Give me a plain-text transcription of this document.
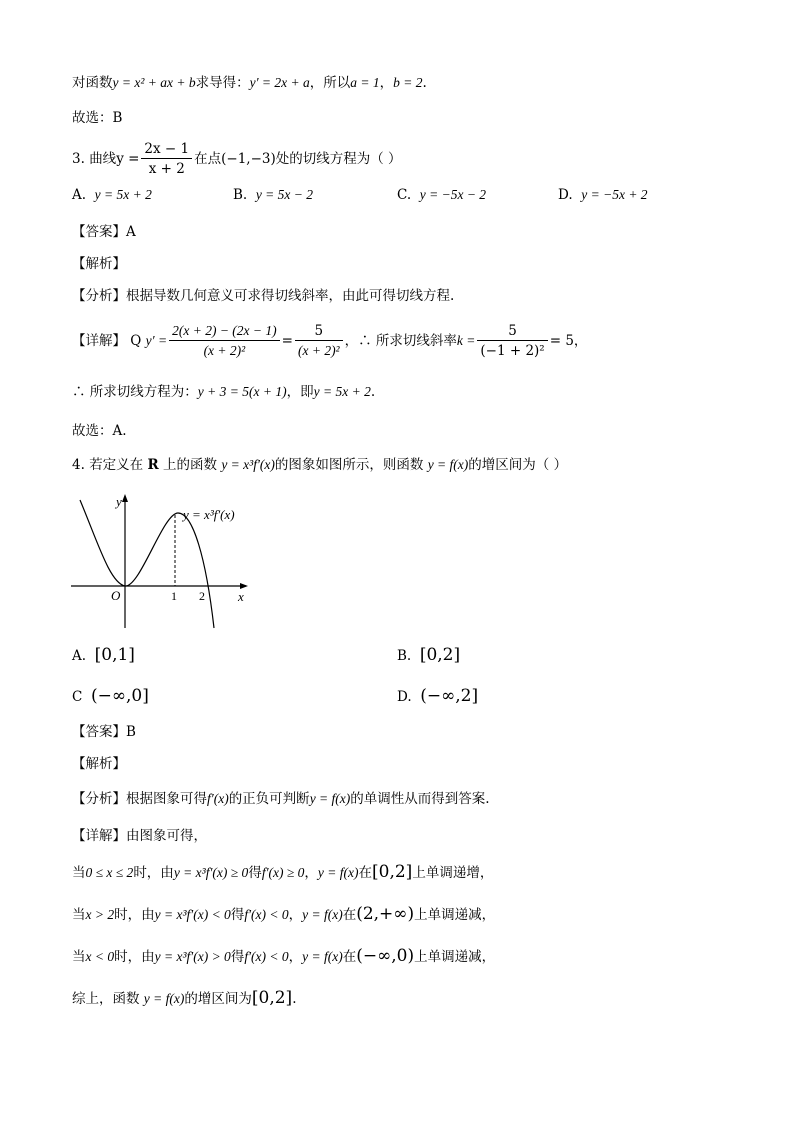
对函数y = x² + ax + b求导得：y′ = 2x + a，所以a = 1，b = 2.
故选：B
3. 曲线$y = \frac{2x - 1}{x + 2}$ 在点(−1,−3)处的切线方程为（ ）
A. y = 5x + 2	B. y = 5x − 2	C. y = −5x − 2	D. y = −5x + 2
【答案】A
【解析】
【分析】根据导数几何意义可求得切线斜率，由此可得切线方程.
【详解】 Q $y' = \frac{2(x + 2) - (2x - 1)}{\text{(x + 2)²}} = \frac{5}{\text{(x + 2)²}}$ ，∴ 所求切线斜率$k = \frac{5}{\text{(−1 + 2)²}} = 5$，
∴ 所求切线方程为：y + 3 = 5(x + 1)，即y = 5x + 2.
故选：A.
4. 若定义在 R 上的函数 y = x³f′(x)的图象如图所示，则函数 y = f(x)的增区间为（ ）
y
x
O	1 2
y = x³f′(x)
A. [0,1]	B. [0,2]
C (−∞,0]	D. (−∞,2]
【答案】B
【解析】
【分析】根据图象可得f′(x)的正负可判断y = f(x)的单调性从而得到答案.
【详解】由图象可得，
当0 ≤ x ≤ 2时，由y = x³f′(x) ≥ 0得f′(x) ≥ 0，y = f(x)在[0,2]上单调递增，
当x > 2时，由y = x³f′(x) < 0得f′(x) < 0，y = f(x)在(2,+∞)上单调递减，
当x < 0时，由y = x³f′(x) > 0得f′(x) < 0，y = f(x)在(−∞,0)上单调递减，
综上，函数 y = f(x)的增区间为[0,2].
